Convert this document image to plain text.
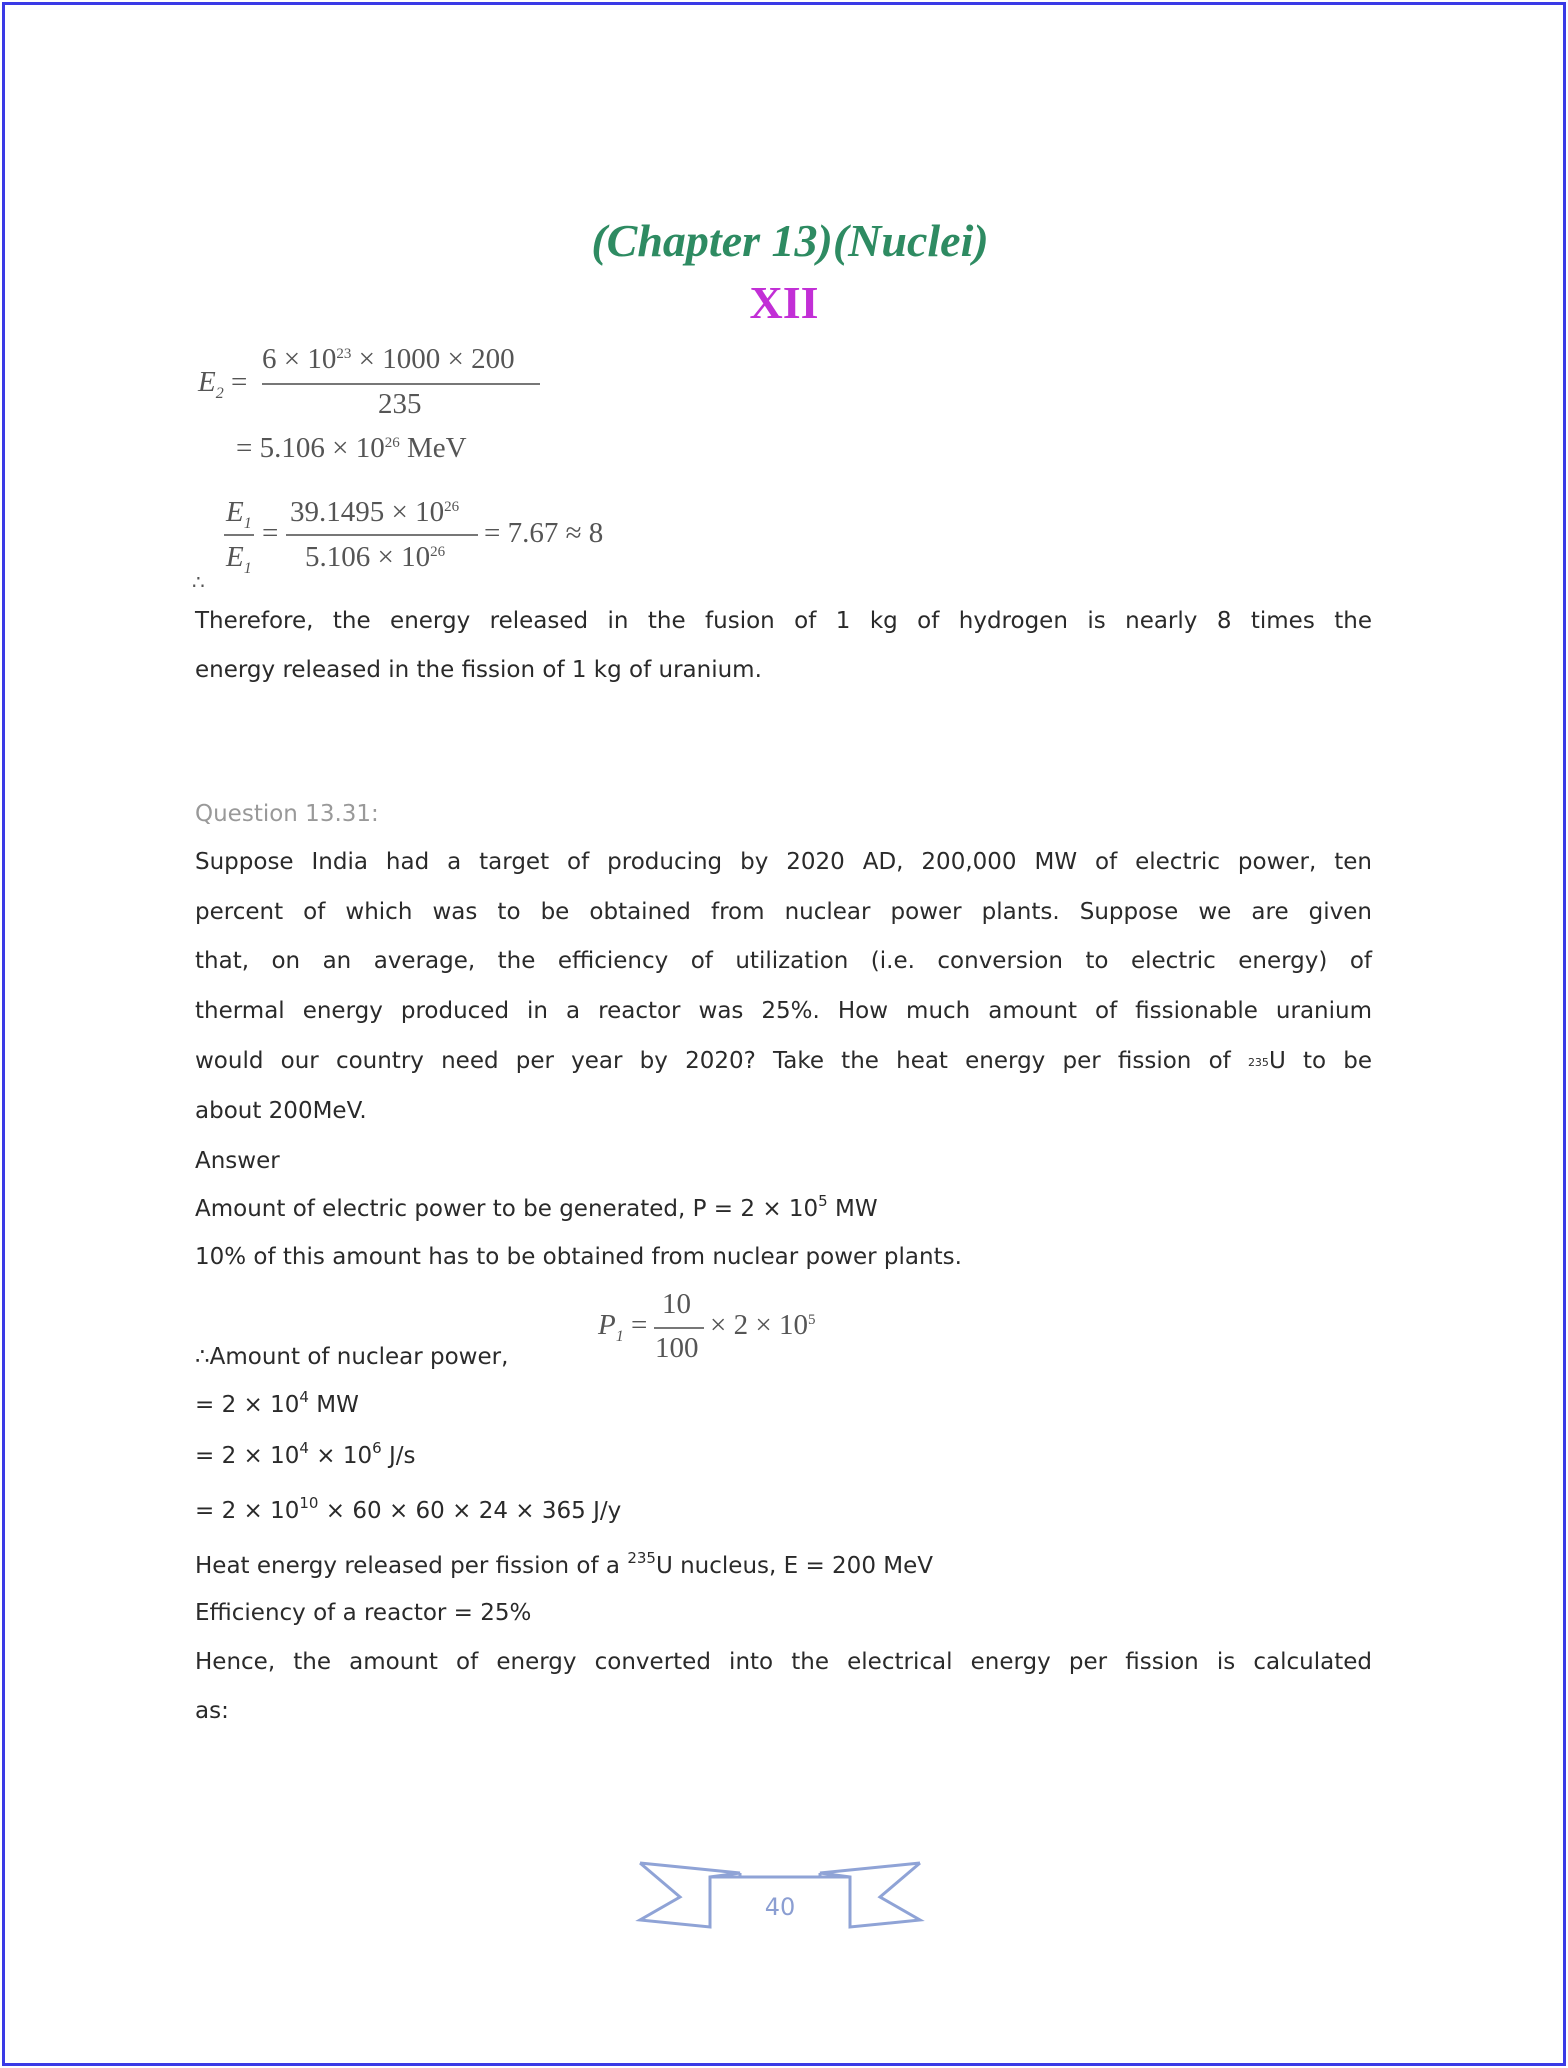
(Chapter 13)(Nuclei)
XII
$E_2$ =
$6 \times 10^{23} \times 1000 \times 200$
235
= $5.106 \times 10^{26}$ MeV
$E_1$
$E_1$
=
$39.1495 \times 10^{26}$
$5.106 \times 10^{26}$
= 7.67 ≈ 8
∴
Therefore, the energy released in the fusion of 1 kg of hydrogen is nearly 8 times the
energy released in the fission of 1 kg of uranium.
Question 13.31:
Suppose India had a target of producing by 2020 AD, 200,000 MW of electric power, ten
percent of which was to be obtained from nuclear power plants. Suppose we are given
that, on an average, the efficiency of utilization (i.e. conversion to electric energy) of
thermal energy produced in a reactor was 25%. How much amount of fissionable uranium
would our country need per year by 2020? Take the heat energy per fission of 235U to be
about 200MeV.
Answer
Amount of electric power to be generated, $P = 2 \times 10^5$ MW
10% of this amount has to be obtained from nuclear power plants.
$P_1$ =
10
100
× $2 \times 10^5$
∴Amount of nuclear power,
= $2 \times 10^4$ MW
= $2 \times 10^4 \times 10^6$ J/s
= $2 \times 10^{10} \times 60 \times 60 \times 24 \times 365$ J/y
Heat energy released per fission of a $^{235}$U nucleus, E = 200 MeV
Efficiency of a reactor = 25%
Hence, the amount of energy converted into the electrical energy per fission is calculated
as:
40
